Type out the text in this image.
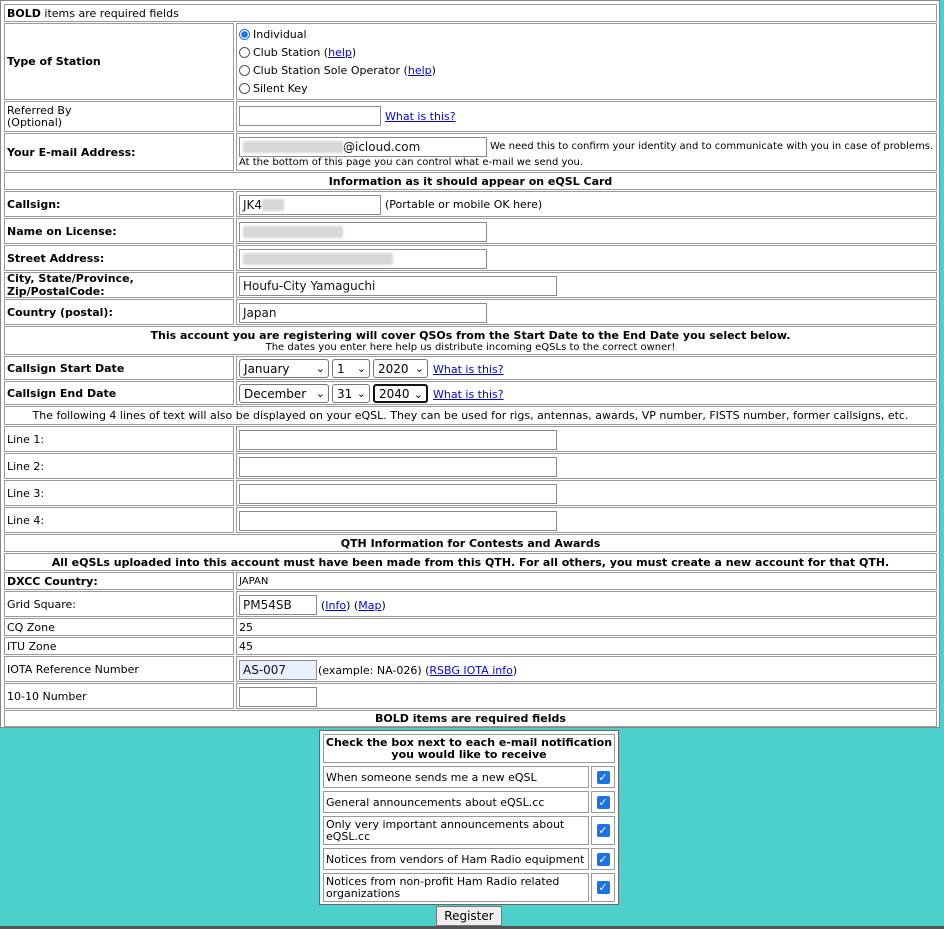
BOLD items are required fields
Type of Station
Individual
Club Station (help)
Club Station Sole Operator (help)
Silent Key
Referred By
(Optional)	What is this?
Your E-mail Address:	@icloud.com	We need this to confirm your identity and to communicate with you in case of problems.
At the bottom of this page you can control what e-mail we send you.
Information as it should appear on eQSL Card
Callsign:	JK4	(Portable or mobile OK here)
Name on License:
Street Address:
City, State/Province, Zip/PostalCode:	Houfu-City Yamaguchi
Country (postal):	Japan
This account you are registering will cover QSOs from the Start Date to the End Date you select below.
The dates you enter here help us distribute incoming eQSLs to the correct owner!
Callsign Start Date	January ⌄ 1 ⌄ 2020 ⌄ What is this?
Callsign End Date	December ⌄ 31 ⌄ 2040 ⌄ What is this?
The following 4 lines of text will also be displayed on your eQSL. They can be used for rigs, antennas, awards, VP number, FISTS number, former callsigns, etc.
Line 1:
Line 2:
Line 3:
Line 4:
QTH Information for Contests and Awards
All eQSLs uploaded into this account must have been made from this QTH. For all others, you must create a new account for that QTH.
DXCC Country:	JAPAN
Grid Square:	PM54SB	(Info) (Map)
CQ Zone	25
ITU Zone	45
IOTA Reference Number	AS-007	(example: NA-026) (RSBG IOTA info)
10-10 Number
BOLD items are required fields
Check the box next to each e-mail notification you would like to receive
When someone sends me a new eQSL	✓
General announcements about eQSL.cc	✓
Only very important announcements about eQSL.cc	✓
Notices from vendors of Ham Radio equipment	✓
Notices from non-profit Ham Radio related organizations	✓
Register
